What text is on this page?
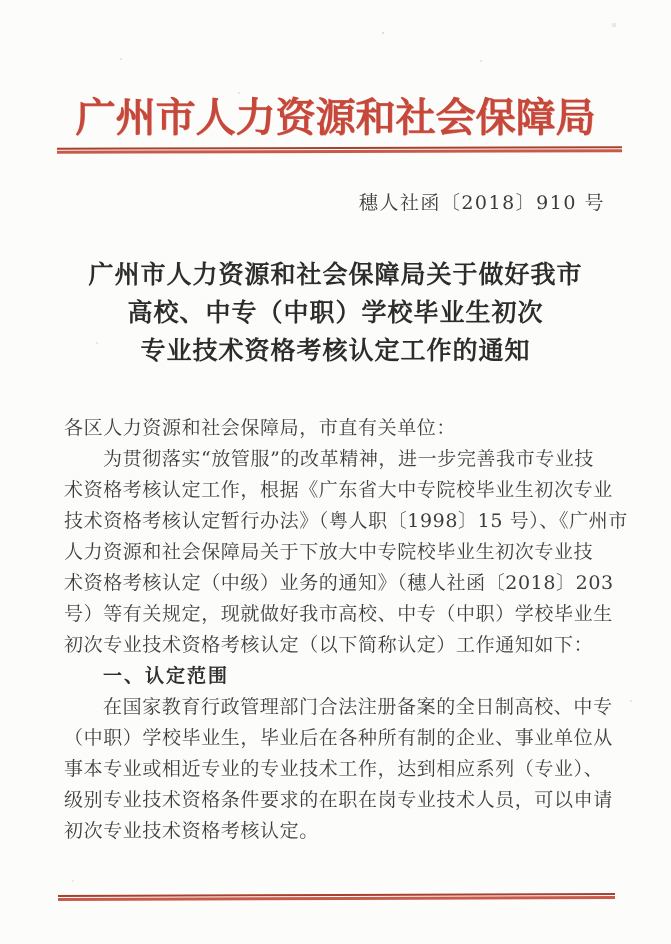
广州市人力资源和社会保障局
穗人社函〔2018〕910 号
广州市人力资源和社会保障局关于做好我市
高校、中专（中职）学校毕业生初次
专业技术资格考核认定工作的通知
各区人力资源和社会保障局，市直有关单位：
为贯彻落实“放管服”的改革精神，进一步完善我市专业技
术资格考核认定工作，根据《广东省大中专院校毕业生初次专业
技术资格考核认定暂行办法》（粤人职〔1998〕15 号）、《广州市
人力资源和社会保障局关于下放大中专院校毕业生初次专业技
术资格考核认定（中级）业务的通知》（穗人社函〔2018〕203
号）等有关规定，现就做好我市高校、中专（中职）学校毕业生
初次专业技术资格考核认定（以下简称认定）工作通知如下：
一、认定范围
在国家教育行政管理部门合法注册备案的全日制高校、中专
（中职）学校毕业生，毕业后在各种所有制的企业、事业单位从
事本专业或相近专业的专业技术工作，达到相应系列（专业）、
级别专业技术资格条件要求的在职在岗专业技术人员，可以申请
初次专业技术资格考核认定。
